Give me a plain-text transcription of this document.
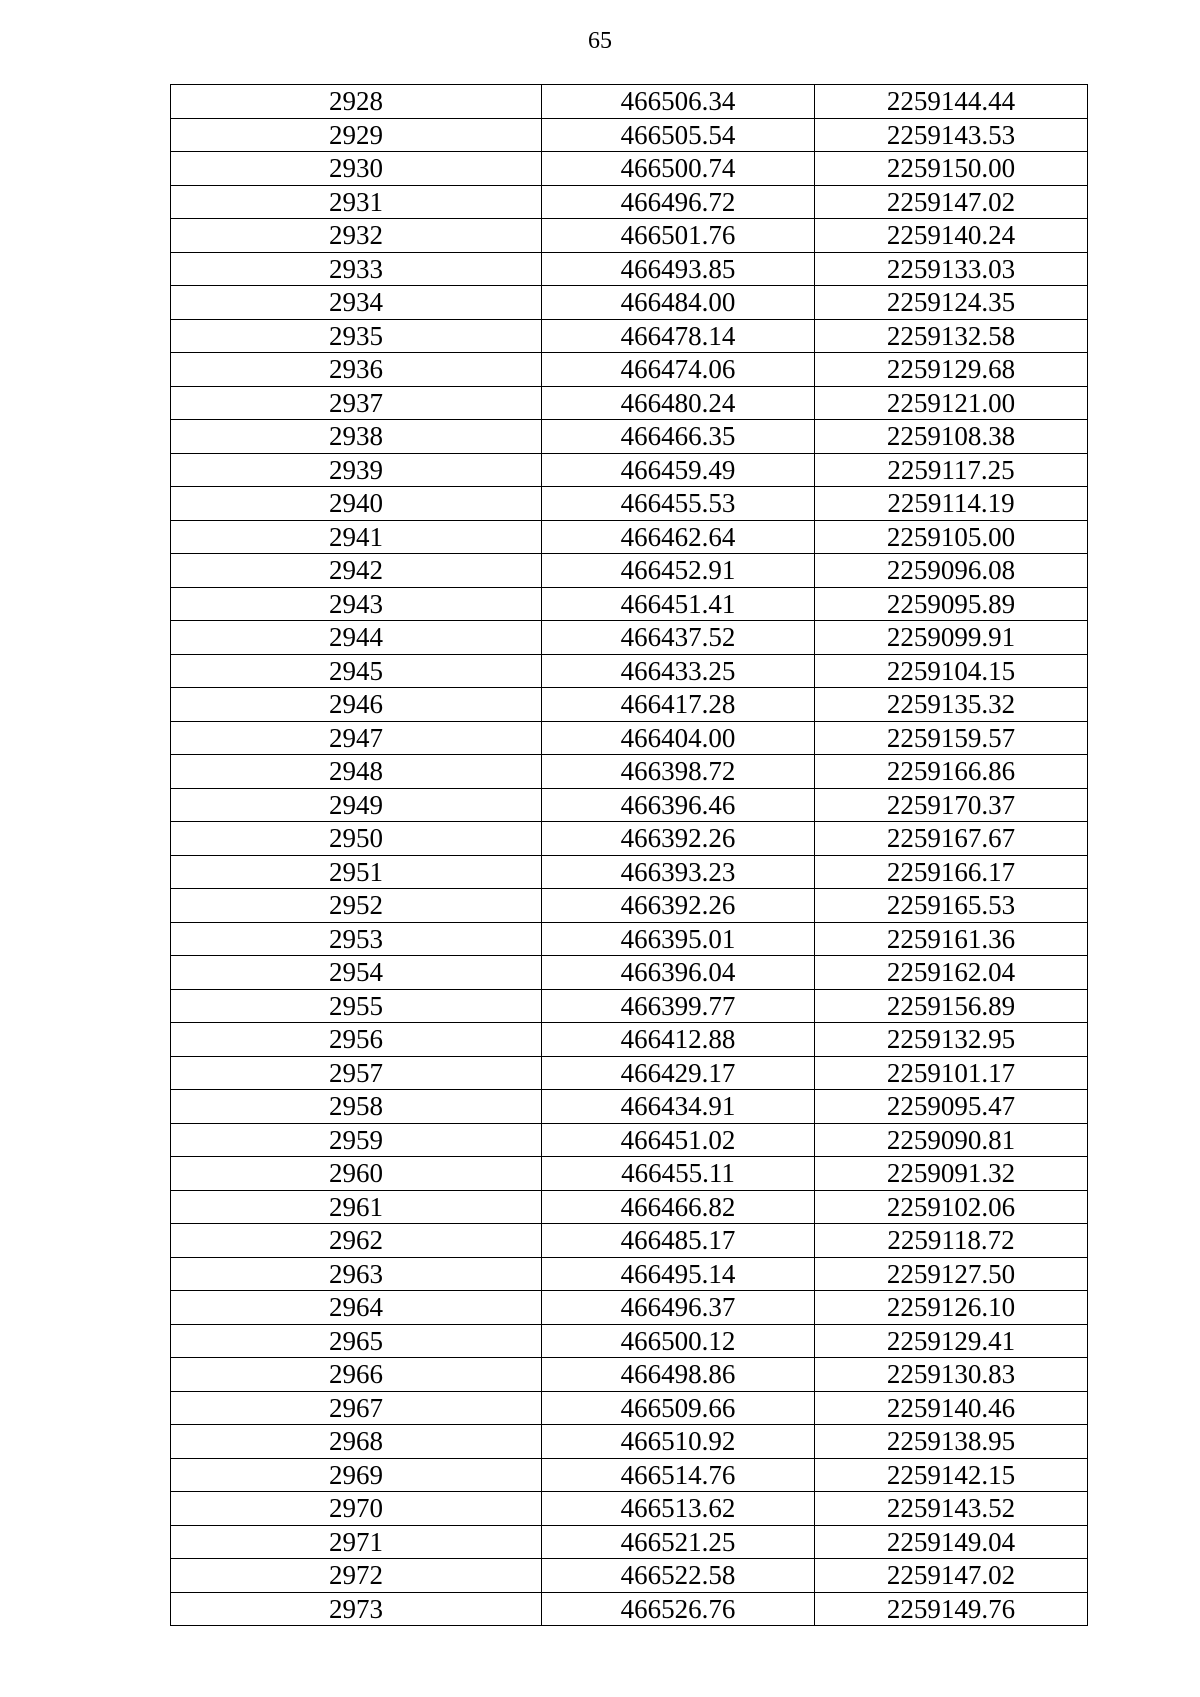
65
2928	466506.34	2259144.44
2929	466505.54	2259143.53
2930	466500.74	2259150.00
2931	466496.72	2259147.02
2932	466501.76	2259140.24
2933	466493.85	2259133.03
2934	466484.00	2259124.35
2935	466478.14	2259132.58
2936	466474.06	2259129.68
2937	466480.24	2259121.00
2938	466466.35	2259108.38
2939	466459.49	2259117.25
2940	466455.53	2259114.19
2941	466462.64	2259105.00
2942	466452.91	2259096.08
2943	466451.41	2259095.89
2944	466437.52	2259099.91
2945	466433.25	2259104.15
2946	466417.28	2259135.32
2947	466404.00	2259159.57
2948	466398.72	2259166.86
2949	466396.46	2259170.37
2950	466392.26	2259167.67
2951	466393.23	2259166.17
2952	466392.26	2259165.53
2953	466395.01	2259161.36
2954	466396.04	2259162.04
2955	466399.77	2259156.89
2956	466412.88	2259132.95
2957	466429.17	2259101.17
2958	466434.91	2259095.47
2959	466451.02	2259090.81
2960	466455.11	2259091.32
2961	466466.82	2259102.06
2962	466485.17	2259118.72
2963	466495.14	2259127.50
2964	466496.37	2259126.10
2965	466500.12	2259129.41
2966	466498.86	2259130.83
2967	466509.66	2259140.46
2968	466510.92	2259138.95
2969	466514.76	2259142.15
2970	466513.62	2259143.52
2971	466521.25	2259149.04
2972	466522.58	2259147.02
2973	466526.76	2259149.76
